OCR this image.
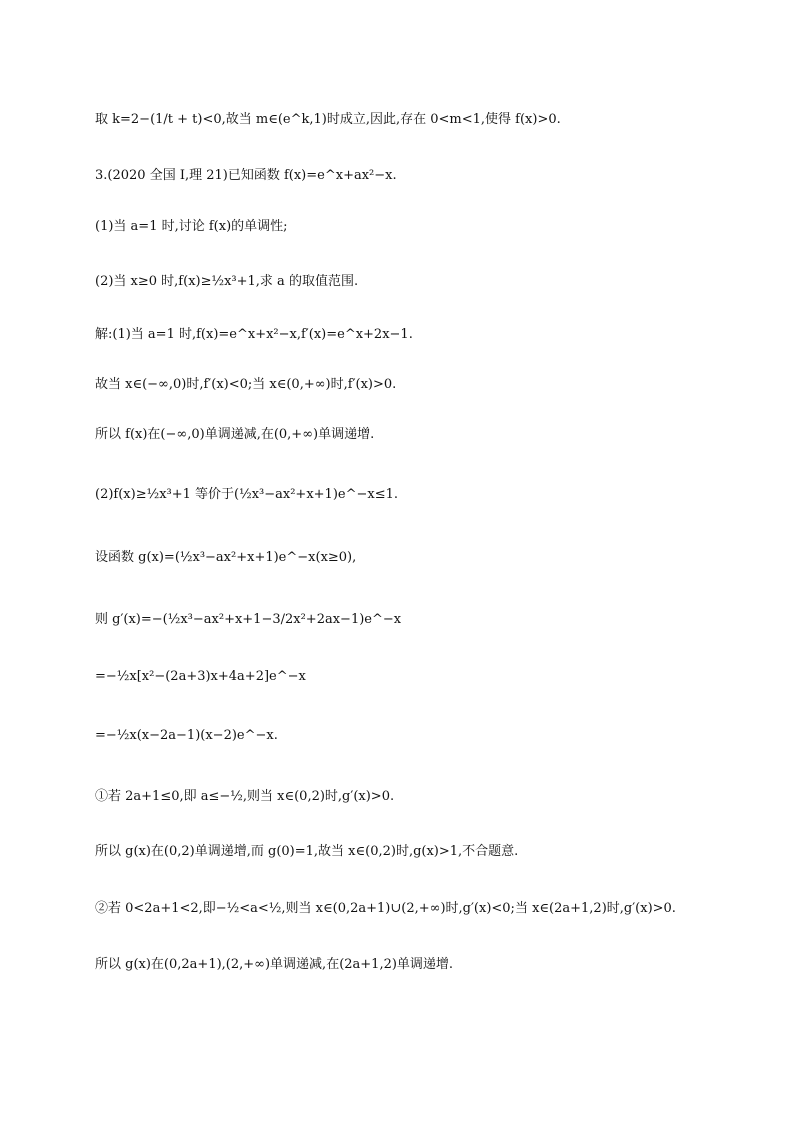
取 k=2−(1/t + t)<0,故当 m∈(e^k,1)时成立,因此,存在 0<m<1,使得 f(x)>0.
3.(2020 全国 Ⅰ,理 21)已知函数 f(x)=e^x+ax²−x.
(1)当 a=1 时,讨论 f(x)的单调性;
(2)当 x≥0 时,f(x)≥½x³+1,求 a 的取值范围.
解:(1)当 a=1 时,f(x)=e^x+x²−x,f′(x)=e^x+2x−1.
故当 x∈(−∞,0)时,f′(x)<0;当 x∈(0,+∞)时,f′(x)>0.
所以 f(x)在(−∞,0)单调递减,在(0,+∞)单调递增.
(2)f(x)≥½x³+1 等价于(½x³−ax²+x+1)e^−x≤1.
设函数 g(x)=(½x³−ax²+x+1)e^−x(x≥0),
则 g′(x)=−(½x³−ax²+x+1−3/2x²+2ax−1)e^−x
=−½x[x²−(2a+3)x+4a+2]e^−x
=−½x(x−2a−1)(x−2)e^−x.
①若 2a+1≤0,即 a≤−½,则当 x∈(0,2)时,g′(x)>0.
所以 g(x)在(0,2)单调递增,而 g(0)=1,故当 x∈(0,2)时,g(x)>1,不合题意.
②若 0<2a+1<2,即−½<a<½,则当 x∈(0,2a+1)∪(2,+∞)时,g′(x)<0;当 x∈(2a+1,2)时,g′(x)>0.
所以 g(x)在(0,2a+1),(2,+∞)单调递减,在(2a+1,2)单调递增.
